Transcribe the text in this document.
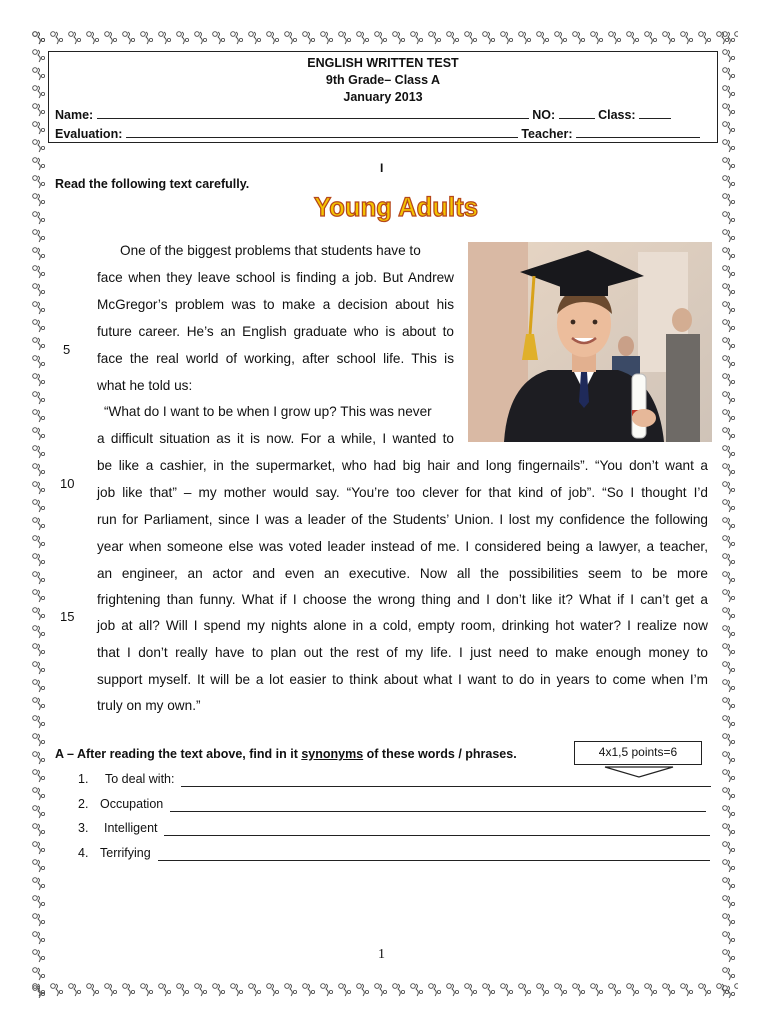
ENGLISH WRITTEN TEST
9th Grade– Class A
January 2013
Name:	NO:	Class:
Evaluation:	Teacher:
I
Read the following text carefully.
Young Adults
One of the biggest problems that students have to
face when they leave school is finding a job. But Andrew
McGregor’s problem was to make a decision about his
future career. He’s an English graduate who is about to
face the real world of working, after school life. This is
what he told us:
“What do I want to be when I grow up? This was never
a difficult situation as it is now. For a while, I wanted to
be like a cashier, in the supermarket, who had big hair and long fingernails”. “You don’t want a
job like that” – my mother would say. “You’re too clever for that kind of job”. “So I thought I’d
run for Parliament, since I was a leader of the Students’ Union. I lost my confidence the following
year when someone else was voted leader instead of me. I considered being a lawyer, a teacher,
an engineer, an actor and even an executive. Now all the possibilities seem to be more
frightening than funny. What if I choose the wrong thing and I don’t like it? What if I can’t get a
job at all? Will I spend my nights alone in a cold, empty room, drinking hot water? I realize now
that I don’t really have to plan out the rest of my life. I just need to make enough money to
support myself. It will be a lot easier to think about what I want to do in years to come when I’m
truly on my own.”
5
10
15
A – After reading the text above, find in it synonyms of these words / phrases.	4x1,5 points=6
1. To deal with:
2. Occupation
3. Intelligent
4. Terrifying
1
